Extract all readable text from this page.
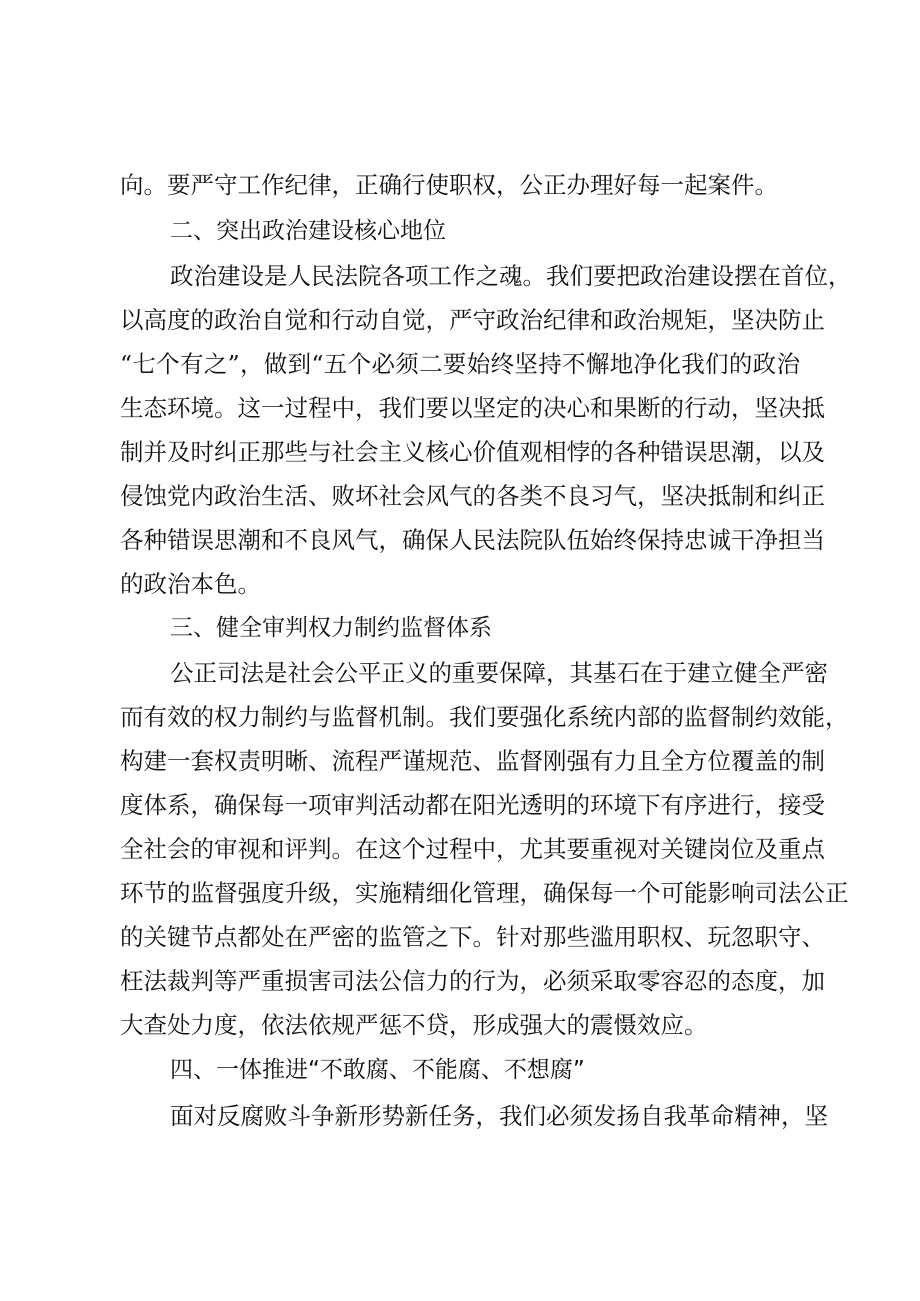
向。要严守工作纪律，正确行使职权，公正办理好每一起案件。
二、突出政治建设核心地位
政治建设是人民法院各项工作之魂。我们要把政治建设摆在首位，
以高度的政治自觉和行动自觉，严守政治纪律和政治规矩，坚决防止
“七个有之”，做到“五个必须二要始终坚持不懈地净化我们的政治
生态环境。这一过程中，我们要以坚定的决心和果断的行动，坚决抵
制并及时纠正那些与社会主义核心价值观相悖的各种错误思潮，以及
侵蚀党内政治生活、败坏社会风气的各类不良习气，坚决抵制和纠正
各种错误思潮和不良风气，确保人民法院队伍始终保持忠诚干净担当
的政治本色。
三、健全审判权力制约监督体系
公正司法是社会公平正义的重要保障，其基石在于建立健全严密
而有效的权力制约与监督机制。我们要强化系统内部的监督制约效能，
构建一套权责明晰、流程严谨规范、监督刚强有力且全方位覆盖的制
度体系，确保每一项审判活动都在阳光透明的环境下有序进行，接受
全社会的审视和评判。在这个过程中，尤其要重视对关键岗位及重点
环节的监督强度升级，实施精细化管理，确保每一个可能影响司法公正
的关键节点都处在严密的监管之下。针对那些滥用职权、玩忽职守、
枉法裁判等严重损害司法公信力的行为，必须采取零容忍的态度，加
大查处力度，依法依规严惩不贷，形成强大的震慑效应。
四、一体推进“不敢腐、不能腐、不想腐”
面对反腐败斗争新形势新任务，我们必须发扬自我革命精神，坚
